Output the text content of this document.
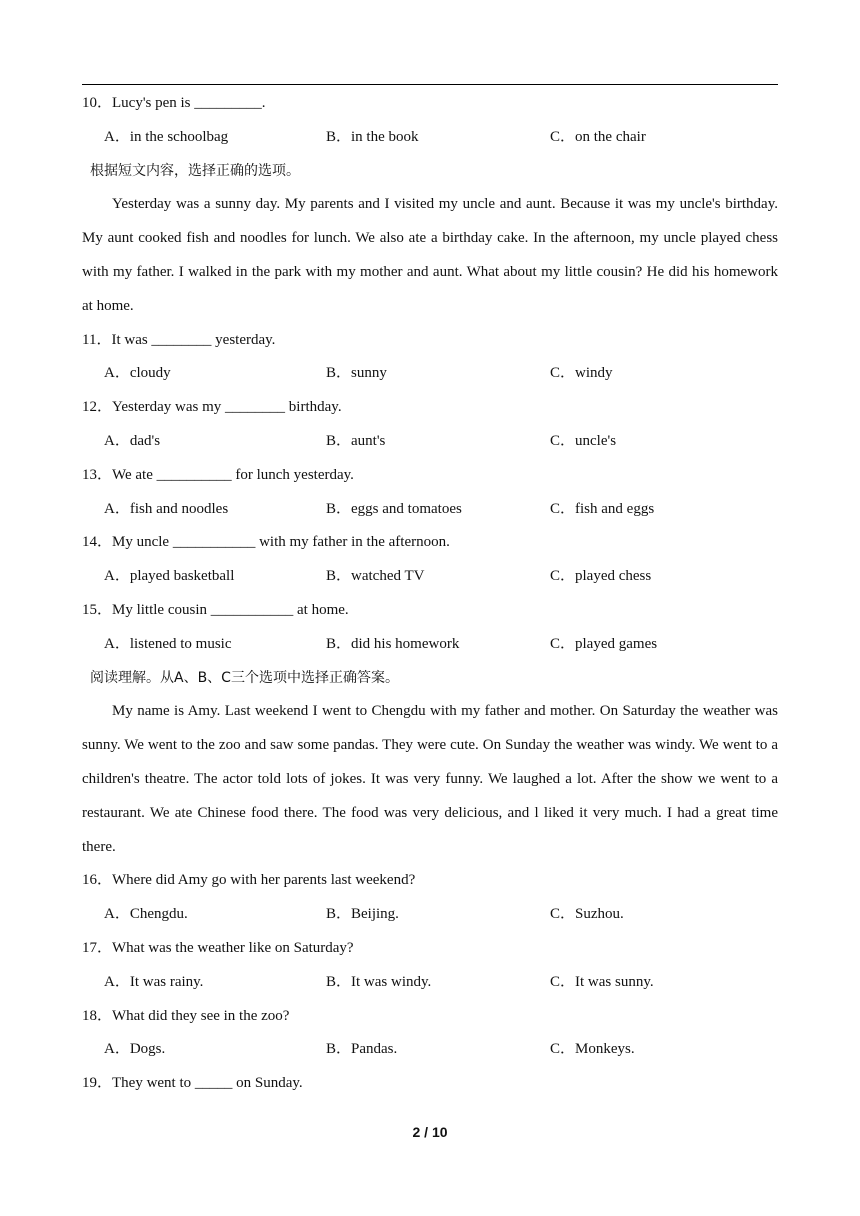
10．Lucy's pen is _________.
A．in the schoolbag	B．in the book	C．on the chair
根据短文内容，选择正确的选项。
Yesterday was a sunny day. My parents and I visited my uncle and aunt. Because it was my uncle's birthday. My aunt cooked fish and noodles for lunch. We also ate a birthday cake. In the afternoon, my uncle played chess with my father. I walked in the park with my mother and aunt. What about my little cousin? He did his homework at home.
11．It was ________ yesterday.
A．cloudy	B．sunny	C．windy
12．Yesterday was my ________ birthday.
A．dad's	B．aunt's	C．uncle's
13．We ate __________ for lunch yesterday.
A．fish and noodles	B．eggs and tomatoes	C．fish and eggs
14．My uncle ___________ with my father in the afternoon.
A．played basketball	B．watched TV	C．played chess
15．My little cousin ___________ at home.
A．listened to music	B．did his homework	C．played games
阅读理解。从A、B、C三个选项中选择正确答案。
My name is Amy. Last weekend I went to Chengdu with my father and mother. On Saturday the weather was sunny. We went to the zoo and saw some pandas. They were cute. On Sunday the weather was windy. We went to a children's theatre. The actor told lots of jokes. It was very funny. We laughed a lot. After the show we went to a restaurant. We ate Chinese food there. The food was very delicious, and l liked it very much. I had a great time there.
16．Where did Amy go with her parents last weekend?
A．Chengdu.	B．Beijing.	C．Suzhou.
17．What was the weather like on Saturday?
A．It was rainy.	B．It was windy.	C．It was sunny.
18．What did they see in the zoo?
A．Dogs.	B．Pandas.	C．Monkeys.
19．They went to _____ on Sunday.
2 / 10
